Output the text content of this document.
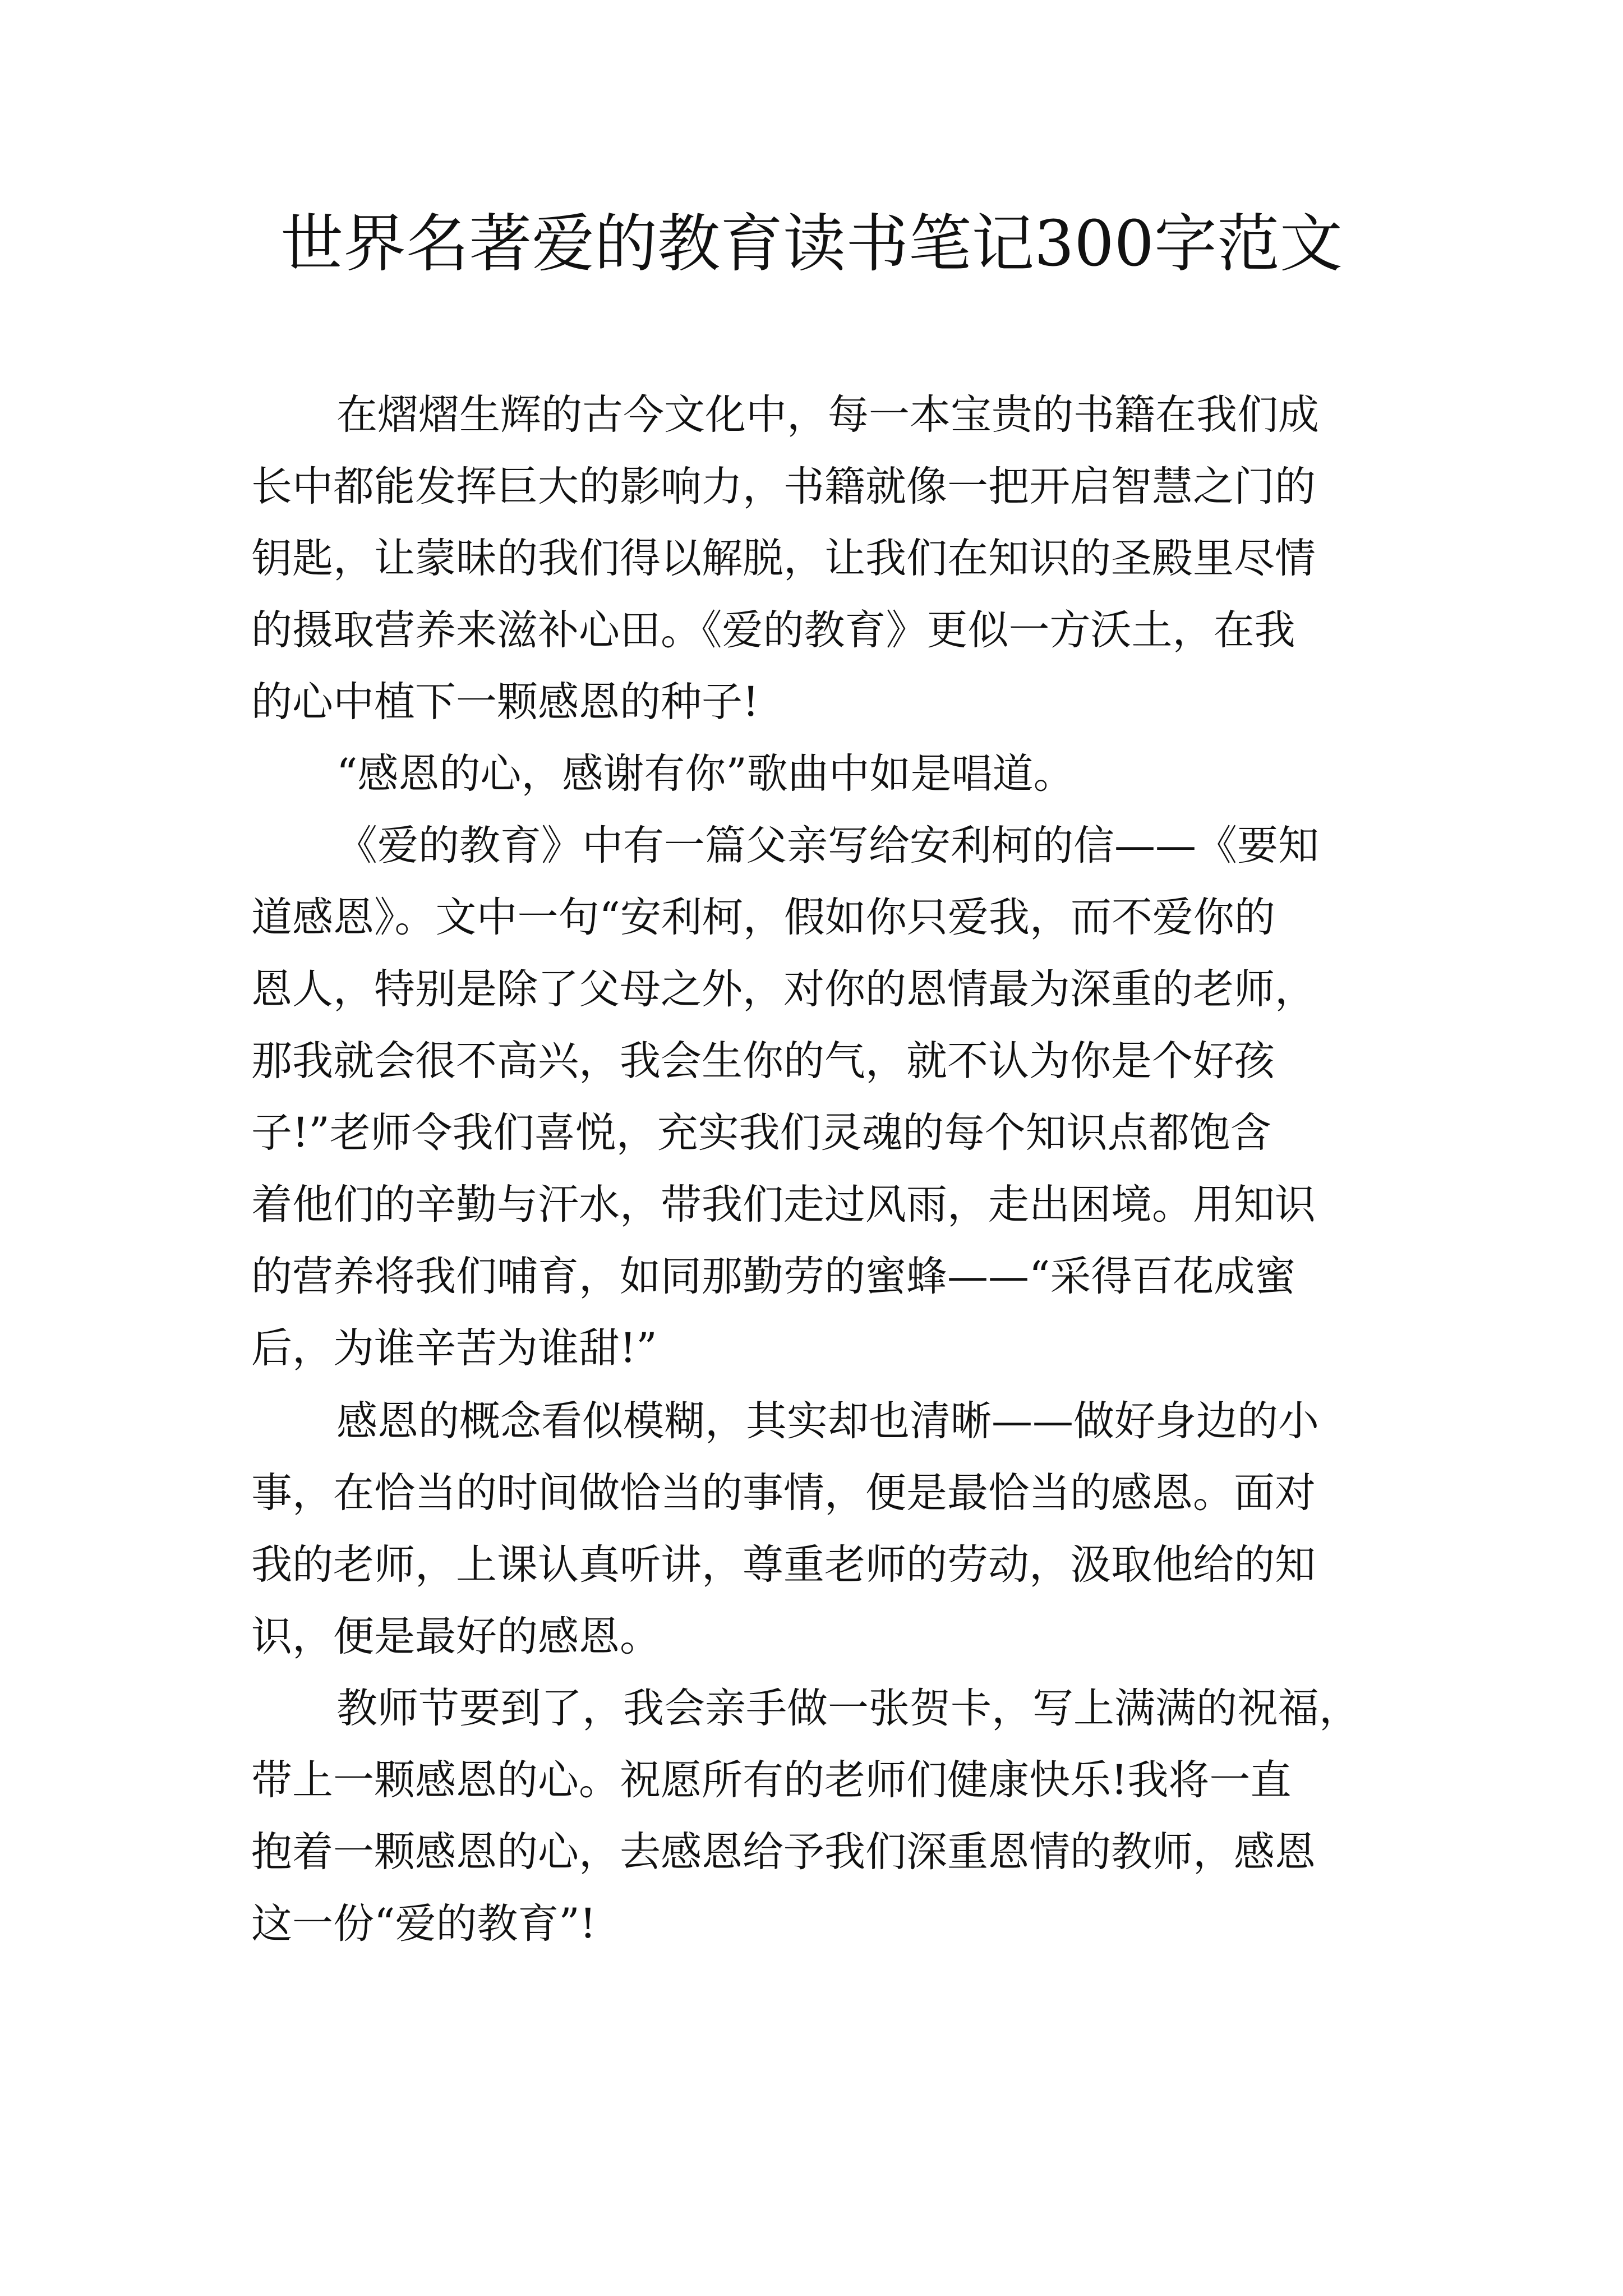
世界名著爱的教育读书笔记300字范文
在熠熠生辉的古今文化中，每一本宝贵的书籍在我们成
长中都能发挥巨大的影响力，书籍就像一把开启智慧之门的
钥匙，让蒙昧的我们得以解脱，让我们在知识的圣殿里尽情
的摄取营养来滋补心田。《爱的教育》更似一方沃土，在我
的心中植下一颗感恩的种子!
“感恩的心，感谢有你”歌曲中如是唱道。
《爱的教育》中有一篇父亲写给安利柯的信——《要知
道感恩》。文中一句“安利柯，假如你只爱我，而不爱你的
恩人，特别是除了父母之外，对你的恩情最为深重的老师，
那我就会很不高兴，我会生你的气，就不认为你是个好孩
子!”老师令我们喜悦，充实我们灵魂的每个知识点都饱含
着他们的辛勤与汗水，带我们走过风雨，走出困境。用知识
的营养将我们哺育，如同那勤劳的蜜蜂——“采得百花成蜜
后，为谁辛苦为谁甜!”
感恩的概念看似模糊，其实却也清晰——做好身边的小
事，在恰当的时间做恰当的事情，便是最恰当的感恩。面对
我的老师，上课认真听讲，尊重老师的劳动，汲取他给的知
识，便是最好的感恩。
教师节要到了，我会亲手做一张贺卡，写上满满的祝福，
带上一颗感恩的心。祝愿所有的老师们健康快乐!我将一直
抱着一颗感恩的心，去感恩给予我们深重恩情的教师，感恩
这一份“爱的教育”!
